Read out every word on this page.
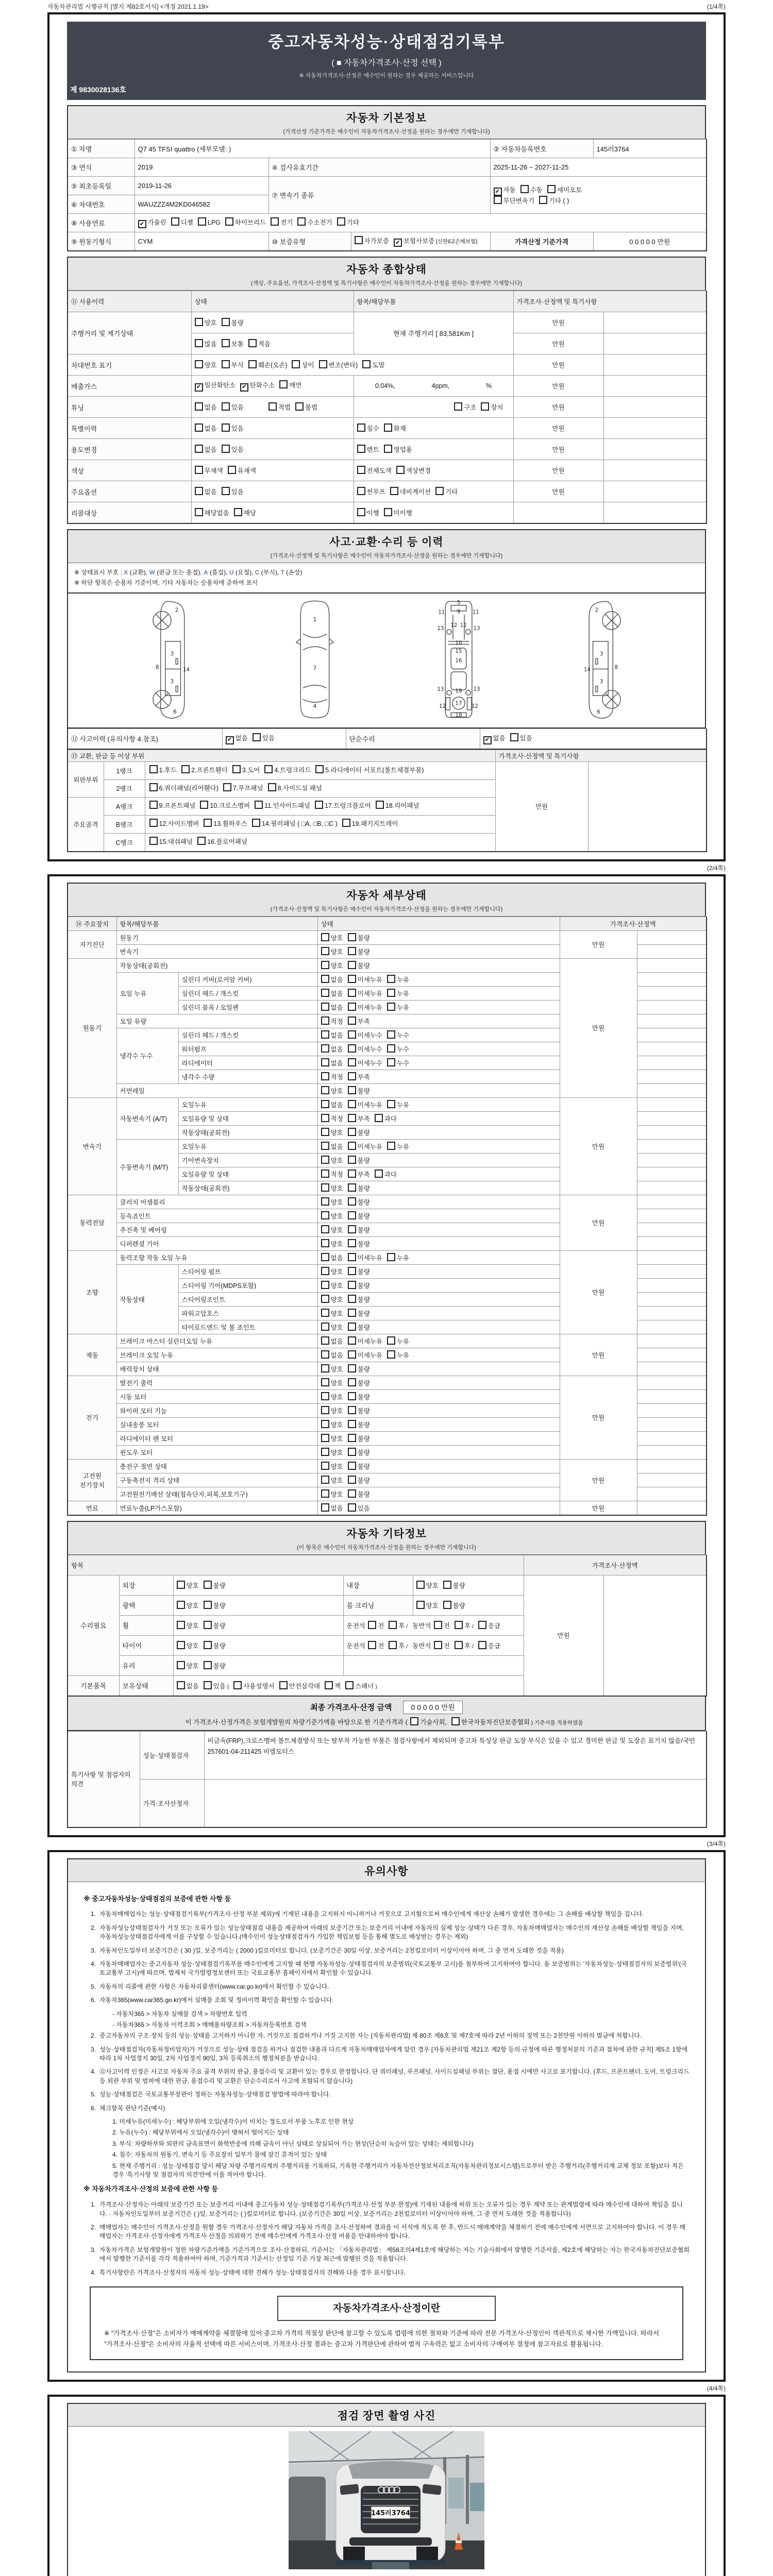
자동차관리법 시행규칙 [별지 제82호서식] <개정 2021.1.19>	(1/4쪽)
중고자동차성능·상태점검기록부
( ■ 자동차가격조사·산정 선택 )
※ 자동차가격조사·산정은 매수인이 원하는 경우 제공하는 서비스입니다
제 9830028136호
자동차 기본정보
(가격산정 기준가격은 매수인이 자동차가격조사·산정을 원하는 경우에만 기재합니다)
① 차명	Q7 45 TFSI quattro (세부모델: )			② 자동차등록번호	145러3764
③ 연식	2019	④ 검사유효기간		2025-11-26 ~ 2027-11-25	
⑤ 최초등록일	2019-11-26	⑦ 변속기 종류		✔ 자동 수동 세미오토
무단변속기 기타 ( )	
⑥ 차대번호	WAUZZZ4M2KD046582				
⑧ 사용연료	✔ 가솔린 디젤 LPG 하이브리드 전기 수소전기 기타				
⑨ 원동기형식	CYM	⑩ 보증유형	자가보증 ✔ 보험사보증 [신한EZ손해보험]	가격산정 기준가격	0 0 0 0 0 만원
자동차 종합상태
(색상, 주요옵션, 가격조사·산정액 및 특기사항은 매수인이 자동차가격조사·산정을 원하는 경우에만 기재합니다)
⑪ 사용이력	상태	항목/해당부품	가격조사·산정액 및 특기사항	
주행거리 및 계기상태	양호 불량	현재 주행거리 [ 83,581Km ]	만원	
	많음 보통 적음		만원	
차대번호 표기	양호 부식 훼손(오손) 상이 변조(변타) 도말		만원	
배출가스	✔ 일산화탄소 ✔ 탄화수소 매연	0.04%, 4ppm, %	만원	
튜닝	없음 있음 적법 불법	구조 장치	만원	
특별이력	없음 있음	침수 화재	만원	
용도변경	없음 있음	렌트 영업용	만원	
색상	무채색 유채색	전체도색 색상변경	만원	
주요옵션	없음 있음	썬루프 네비게이션 기타	만원	
리콜대상	해당없음 해당	이행 미이행		
사고·교환·수리 등 이력
(가격조사·산정액 및 특기사항은 매수인이 자동차가격조사·산정을 원하는 경우에만 기재합니다)
※ 상태표시 부호 : X (교환), W (판금 또는 용접), A (흠집), U (요철), C (부식), T (손상)
※ 하단 항목은 승용차 기준이며, 기타 자동차는 승용차에 준하여 표시
2
8
3
14
3
6
1
7
4
5
9
11	11
13	13
12 12
10
15
16
19
13	13
12	12
17
18
2
8
3
14
3
6
⑫ 사고이력 (유의사항 4.참조)	✔ 없음 있음	단순수리	✔ 없음 있음
⑬ 교환, 판금 등 이상 부위			가격조사·산정액 및 특기사항	
외판부위	1랭크	1.후드 2.프론트휀더 3.도어 4.트렁크리드 5.라디에이터 서포트(볼트체결부품)	만원	
	2랭크	6.쿼더패널(리어휀다) 7.루프패널 8.사이드실 패널		
주요골격	A랭크	9.프론트패널 10.크로스멤버 11.인사이드패널 17.트렁크플로어 18.리어패널		
	B랭크	12.사이드멤버 13.휠하우스 14.필러패널 ( □A, □B, □C ) 19.패키지트레이		
	C랭크	15.대쉬패널 16.플로어패널		
(2/4쪽)
자동차 세부상태
(가격조사·산정액 및 특기사항은 매수인이 자동차가격조사·산정을 원하는 경우에만 기재합니다)
⑭ 주요장치	항목/해당부품		상태	가격조사·산정액	
자기진단	원동기		양호 불량	만원	
	변속기		양호 불량		
원동기	작동상태(공회전)		양호 불량	만원	
	오일 누유	실린더 커버(로커암 커버)	없음 미세누유 누유		
		실린더 헤드 / 개스킷	없음 미세누유 누유		
		실린더 블록 / 오일팬	없음 미세누유 누유		
	오일 유량		적정 부족		
	냉각수 누수	실린더 헤드 / 개스킷	없음 미세누수 누수		
		워터펌프	없음 미세누수 누수		
		라디에이터	없음 미세누수 누수		
		냉각수 수량	적정 부족		
	커먼레일		양호 불량		
변속기	자동변속기 (A/T)	오일누유	없음 미세누유 누유	만원	
		오일유량 및 상태	적정 부족 과다		
		작동상태(공회전)	양호 불량		
	수동변속기 (M/T)	오일누유	없음 미세누유 누유		
		기어변속장치	양호 불량		
		오일유량 및 상태	적정 부족 과다		
		작동상태(공회전)	양호 불량		
동력전달	클러치 어셈블리		양호 불량	만원	
	등속죠인트		양호 불량		
	추진축 및 베어링		양호 불량		
	디퍼렌셜 기어		양호 불량		
조향	동력조향 작동 오일 누유		없음 미세누유 누유	만원	
	작동상태	스티어링 펌프	양호 불량		
		스티어링 기어(MDPS포함)	양호 불량		
		스티어링조인트	양호 불량		
		파워고압호스	양호 불량		
		타이로드엔드 및 볼 죠인트	양호 불량		
제동	브레이크 마스터 실린더오일 누유		없음 미세누유 누유	만원	
	브레이크 오일 누유		없음 미세누유 누유		
	배력장치 상태		양호 불량		
전기	발전기 출력		양호 불량	만원	
	시동 모터		양호 불량		
	와이퍼 모터 기능		양호 불량		
	실내송풍 모터		양호 불량		
	라디에이터 팬 모터		양호 불량		
	윈도우 모터		양호 불량		
고전원 전기장치	충전구 절연 상태		양호 불량	만원	
	구동축전지 격리 상태		양호 불량		
	고전원전기배선 상태(접속단자,피복,보호기구)		양호 불량		
연료	연료누출(LP가스포함)		없음 있음	만원	
자동차 기타정보
(이 항목은 매수인이 자동차가격조사·산정을 원하는 경우에만 기재합니다)
항목					가격조사·산정액	
수리필요	외장	양호 불량	내장	양호 불량	만원	
	광택	양호 불량	룸 크리닝	양호 불량		
	휠	양호 불량	운전석 전 후 /동반석 전 후 / 응급			
	타이어	양호 불량	운전석 전 후 /동반석 전 후 / 응급			
	유리	양호 불량				
기본품목	보유상태	없음 있음 ( 사용설명서 안전삼각대 잭 스패너 )				
최종 가격조사·산정 금액	0 0 0 0 0 만원
이 가격조사·산정가격은 보험개발원의 차량기준가액을 바탕으로 한 기준가격과 ( 기술사회, 한국자동차진단보증협회 ) 기준서를 적용하였음
특기사항 및 점검자의 의견	성능·상태점검자	비금속(FRP),크로스멤버 볼트체결방식 또는 탈부착 가능한 부품은 점검사항에서 제외되며 중고차 특성상 판금 도장 부식은 있을 수 있고 경미한 판금 및 도장은 표기치 않음/국민 257601-04-211425 비엠모터스
	가격·조사산정자	
(3/4쪽)
유의사항
※ 중고자동차성능·상태점검의 보증에 관한 사항 등
1. 자동차매매업자는 성능·상태점검기록부(가격조사·산정 부분 제외)에 기재된 내용을 고지하지 아니하거나 거짓으로 고지함으로써 매수인에게 재산상 손해가 발생한 경우에는 그 손해를 배상할 책임을 집니다.
2. 자동차성능상태점검자가 거짓 또는 오류가 있는 성능상태점검 내용을 제공하여 아래의 보증기간 또는 보증거리 이내에 자동차의 실제 성능·상태가 다른 경우, 자동차매매업자는 매수인의 재산상 손해를 배상할 책임을 지며, 자동차성능상태점검자에게 이를 구상할 수 있습니다.(매수인이 성능상태점검자가 가입한 책임보험 등을 통해 별도로 배상받는 경우는 제외)
3. 자동차인도일부터 보증기간은 ( 30 )일, 보증거리는 ( 2000 )킬로미터로 합니다. (보증기간은 30일 이상, 보증거리는 2천킬로미터 이상이어야 하며, 그 중 먼저 도래한 것을 적용)
4. 자동차매매업자는 중고자동차 성능·상태점검기록부를 매수인에게 고지할 때 현행 자동차성능·상태점검자의 보증범위(국토교통부 고시)를 첨부하여 고지하여야 합니다. 동 보증범위는 '자동차성능·상태점검자의 보증범위'(국토교통부 고시)에 따르며, 법제처 국가법령정보센터 또는 국토교통부 홈페이지에서 확인할 수 있습니다.
5. 자동차의 리콜에 관한 사항은 자동차리콜센터(www.car.go.kr)에서 확인할 수 있습니다.
6. 자동차365(www.car365.go.kr)에서 실매물 조회 및 정비이력 확인을 확인할 수 있습니다.
- 자동차365 > 자동차 실매물 검색 > 차량번호 입력
- 자동차365 > 자동차 이력조회 > 매매용차량조회 > 자동차등록번호 검색
2. 중고자동차의 구조·장치 등의 성능·상태를 고지하지 아니한 자, 거짓으로 점검하거나 거짓 고지한 자는 [자동차관리법] 제 80조 제6호 및 제7호에 따라 2년 이하의 징역 또는 2천만원 이하의 벌금에 처합니다.
3. 성능·상태점검자(자동차정비업자)가 거짓으로 성능·상태 점검을 하거나 점검한 내용과 다르게 자동차매매업자에게 알린 경우 [자동차관리법 제21조 제2항 등의 규정에 따른 행정처분의 기준과 절차에 관한 규칙] 제5조 1항에 따라 1차 사업정지 30일, 2차 사업정지 90일, 3차 등록취소의 행정처분을 받습니다.
4. ⑫사고이력 인정은 사고로 자동차 주요 골격 부위의 판금, 용접수리 및 교환이 있는 경우로 한정합니다. 단 쿼터패널, 루프패널, 사이드실패널 부위는 절단, 용접 시에만 사고로 표기합니다. (후드, 프론트펜더, 도어, 트렁크리드 등 외판 부위 및 범퍼에 대한 판금, 용접수리 및 교환은 단순수리로서 사고에 포함되지 않습니다)
5. 성능·상태점검은 국토교통부장관이 정하는 자동차성능·상태점검 방법에 따라야 합니다.
6. 체크항목 판단기준(예시)
1. 미세누유(미세누수) : 해당부위에 오일(냉각수)이 비치는 정도로서 부품 노후로 인한 현상
2. 누유(누수) : 해당부위에서 오일(냉각수)이 맺혀서 떨어지는 상태
3. 부식: 차량하부와 외판의 금속표면이 화학반응에 의해 금속이 아닌 상태로 상실되어 가는 현상(단순히 녹슬어 있는 상태는 제외합니다)
4. 침수: 자동차의 원동기, 변속기 등 주요장치 일부가 물에 잠긴 흔적이 있는 상태
5. 현재 주행거리 : 성능·상태점검 당시 해당 차량 주행거리계의 주행거리를 기록하되, 기록한 주행거리가 자동차전산정보처리조직(자동차관리정보시스템)으로부터 받은 주행거리(주행거리계 교체 정보 포함)보다 적은 경우 '특기사항 및 점검자의 의견'란에 이를 적어야 합니다.
※ 자동차가격조사·산정의 보증에 관한 사항 등
1. 가격조사·산정자는 아래의 보증기간 또는 보증거리 이내에 중고자동차 성능·상태점검기록부(가격조사·산정 부분 한정)에 기재된 내용에 허위 또는 오류가 있는 경우 계약 또는 관계법령에 따라 매수인에 대하여 책임을 집니다. · 자동차인도일부터 보증기간은 ( )일, 보증거리는 ( )킬로미터로 합니다. (보증기간은 30일 이상, 보증거리는 2천킬로미터 이상이어야 하며, 그 중 먼저 도래한 것을 적용합니다)
2. 매매업자는 매수인이 가격조사·산정을 원할 경우 가격조사·산정자가 해당 자동차 가격을 조사·산정하여 결과를 이 서식에 적도록 한 후, 반드시 매매계약을 체결하기 전에 매수인에게 서면으로 고지하여야 합니다. 이 경우 매매업자는 가격조사·산정자에게 가격조사·산정을 의뢰하기 전에 매수인에게 가격조사·산정 비용을 안내하여야 합니다.
3. 자동차가격은 보험개발원이 정한 차량기준가액을 기준가격으로 조사·산정하되, 기준서는 「자동차관리법」 제58조의4제1호에 해당하는 자는 기술사회에서 발행한 기준서를, 제2호에 해당하는 자는 한국자동차진단보증협회에서 발행한 기준서를 각각 적용하여야 하며, 기준가격과 기준서는 산정일 기준 가장 최근에 발행된 것을 적용합니다.
4. 특기사항란은 가격조사·산정자의 자동차 성능·상태에 대한 견해가 성능·상태점검자의 견해와 다를 경우 표시합니다.
자동차가격조사·산정이란
※ "가격조사·산정"은 소비자가 매매계약을 체결함에 있어 중고차 가격의 적절성 판단에 참고할 수 있도록 법령에 의한 절차와 기준에 따라 전문 가격조사·산정인이 객관적으로 제시한 가액입니다. 따라서 "가격조사·산정"은 소비자의 자율적 선택에 따른 서비스이며, 가격조사·산정 결과는 중고차 가격판단에 관하여 법적 구속력은 없고 소비자의 구매여부 결정에 참고자료로 활용됩니다.
(4/4쪽)
점검 장면 촬영 사진
145러3764
